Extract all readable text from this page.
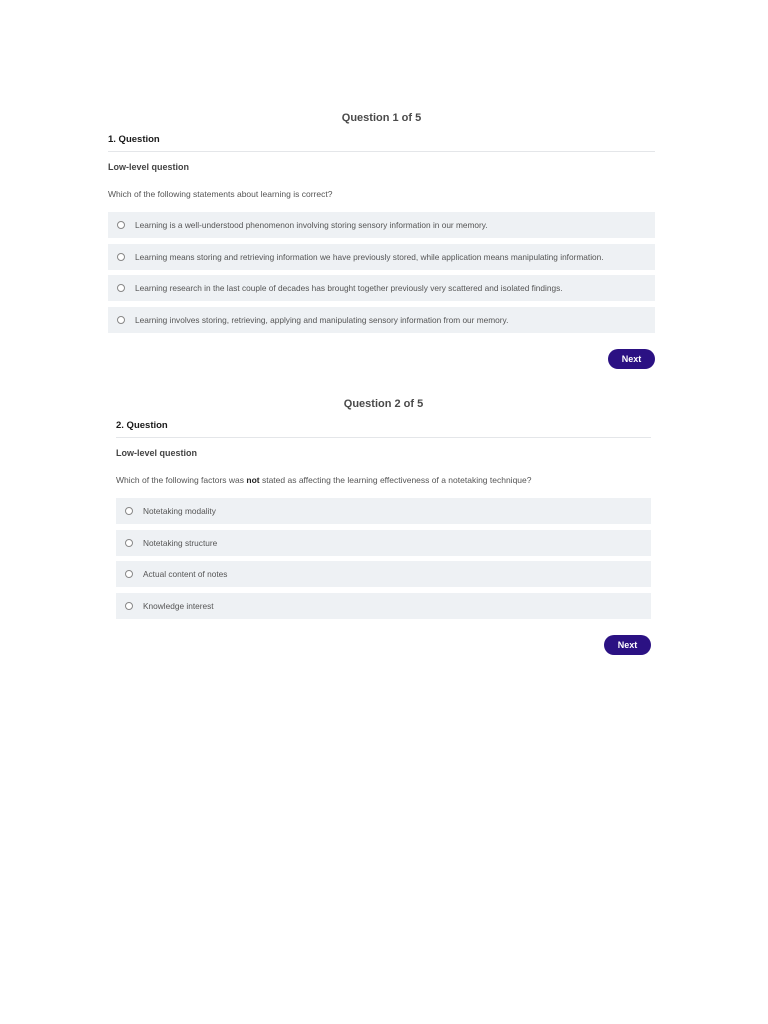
Question 1 of 5
1. Question
Low-level question
Which of the following statements about learning is correct?
Learning is a well-understood phenomenon involving storing sensory information in our memory.
Learning means storing and retrieving information we have previously stored, while application means manipulating information.
Learning research in the last couple of decades has brought together previously very scattered and isolated findings.
Learning involves storing, retrieving, applying and manipulating sensory information from our memory.
Next
Question 2 of 5
2. Question
Low-level question
Which of the following factors was not stated as affecting the learning effectiveness of a notetaking technique?
Notetaking modality
Notetaking structure
Actual content of notes
Knowledge interest
Next
